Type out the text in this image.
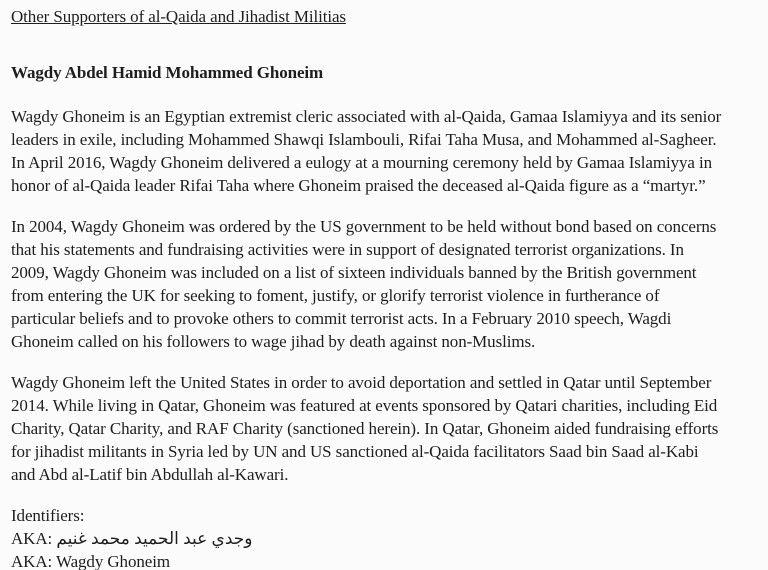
Other Supporters of al-Qaida and Jihadist Militias
Wagdy Abdel Hamid Mohammed Ghoneim
Wagdy Ghoneim is an Egyptian extremist cleric associated with al-Qaida, Gamaa Islamiyya and its senior
leaders in exile, including Mohammed Shawqi Islambouli, Rifai Taha Musa, and Mohammed al-Sagheer.
In April 2016, Wagdy Ghoneim delivered a eulogy at a mourning ceremony held by Gamaa Islamiyya in
honor of al-Qaida leader Rifai Taha where Ghoneim praised the deceased al-Qaida figure as a “martyr.”
In 2004, Wagdy Ghoneim was ordered by the US government to be held without bond based on concerns
that his statements and fundraising activities were in support of designated terrorist organizations. In
2009, Wagdy Ghoneim was included on a list of sixteen individuals banned by the British government
from entering the UK for seeking to foment, justify, or glorify terrorist violence in furtherance of
particular beliefs and to provoke others to commit terrorist acts. In a February 2010 speech, Wagdi
Ghoneim called on his followers to wage jihad by death against non-Muslims.
Wagdy Ghoneim left the United States in order to avoid deportation and settled in Qatar until September
2014. While living in Qatar, Ghoneim was featured at events sponsored by Qatari charities, including Eid
Charity, Qatar Charity, and RAF Charity (sanctioned herein). In Qatar, Ghoneim aided fundraising efforts
for jihadist militants in Syria led by UN and US sanctioned al-Qaida facilitators Saad bin Saad al-Kabi
and Abd al-Latif bin Abdullah al-Kawari.
Identifiers:
AKA: وجدي عبد الحميد محمد غنيم
AKA: Wagdy Ghoneim
